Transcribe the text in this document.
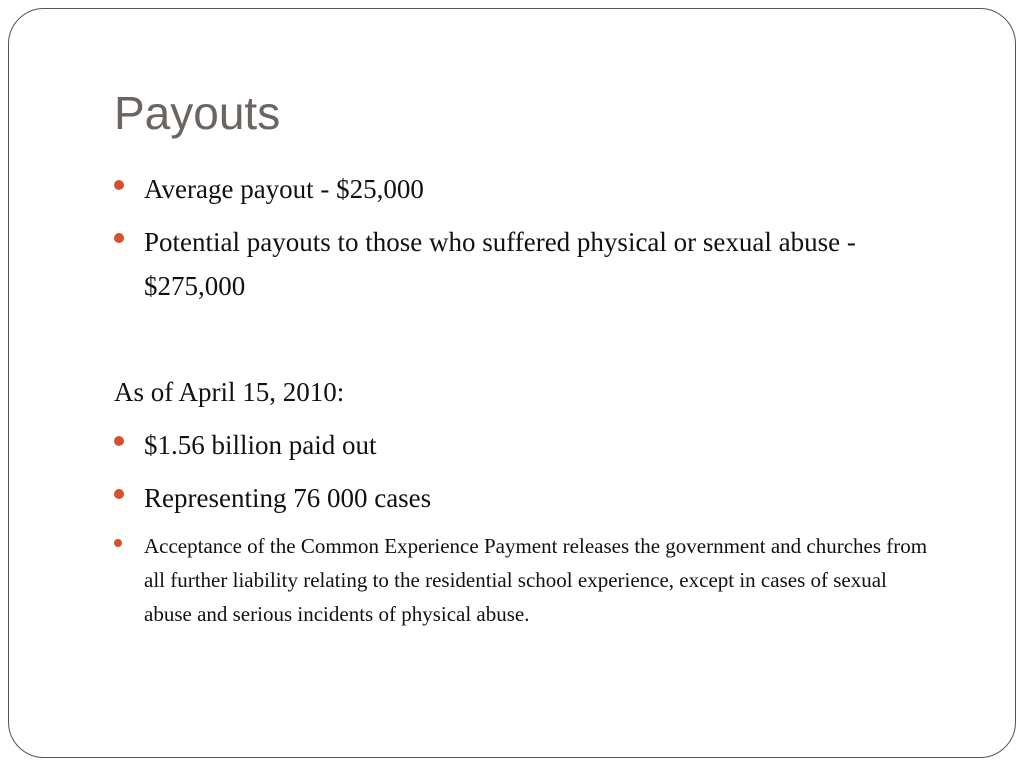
Payouts
Average payout - $25,000
Potential payouts to those who suffered physical or sexual abuse - $275,000
As of April 15, 2010:
$1.56 billion paid out
Representing 76 000 cases
Acceptance of the Common Experience Payment releases the government and churches from all further liability relating to the residential school experience, except in cases of sexual abuse and serious incidents of physical abuse.
